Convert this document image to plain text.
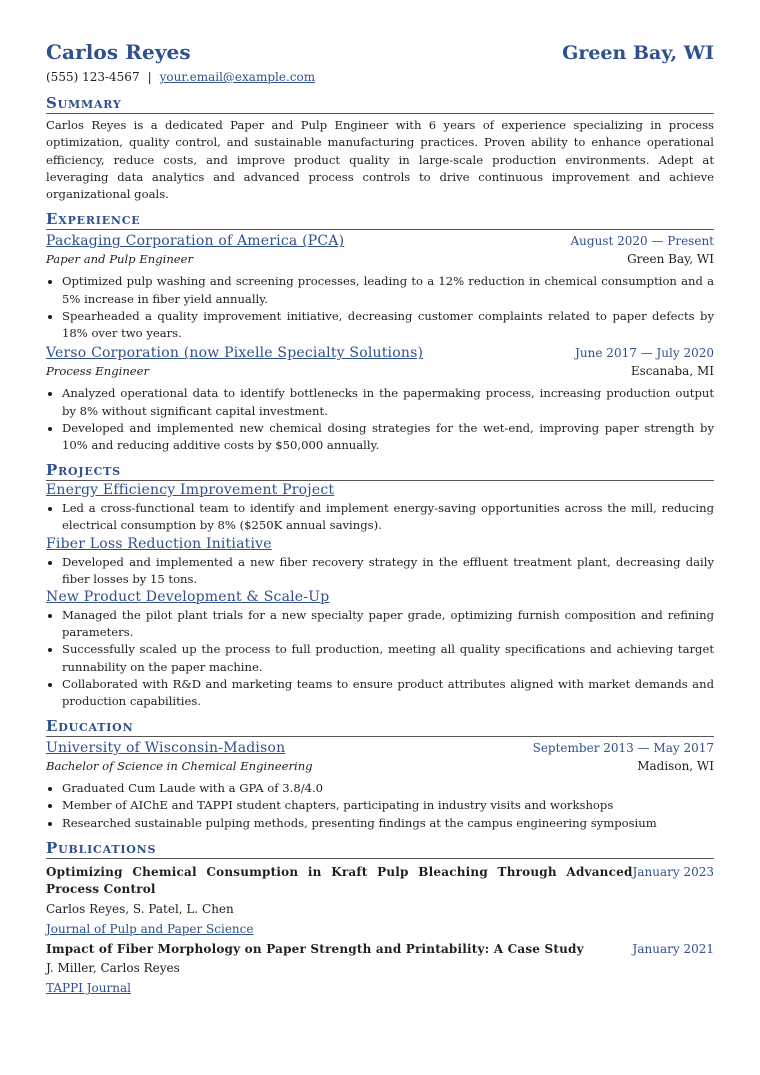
Carlos Reyes	Green Bay, WI
(555) 123-4567 | your.email@example.com
Summary
Carlos Reyes is a dedicated Paper and Pulp Engineer with 6 years of experience specializing in process optimization, quality control, and sustainable manufacturing practices. Proven ability to enhance operational efficiency, reduce costs, and improve product quality in large-scale production environments. Adept at leveraging data analytics and advanced process controls to drive continuous improvement and achieve organizational goals.
Experience
Packaging Corporation of America (PCA)	August 2020 — Present
Paper and Pulp Engineer	Green Bay, WI
• Optimized pulp washing and screening processes, leading to a 12% reduction in chemical consumption and a 5% increase in fiber yield annually.
• Spearheaded a quality improvement initiative, decreasing customer complaints related to paper defects by 18% over two years.
Verso Corporation (now Pixelle Specialty Solutions)	June 2017 — July 2020
Process Engineer	Escanaba, MI
• Analyzed operational data to identify bottlenecks in the papermaking process, increasing production output by 8% without significant capital investment.
• Developed and implemented new chemical dosing strategies for the wet-end, improving paper strength by 10% and reducing additive costs by $50,000 annually.
Projects
Energy Efficiency Improvement Project
• Led a cross-functional team to identify and implement energy-saving opportunities across the mill, reducing electrical consumption by 8% ($250K annual savings).
Fiber Loss Reduction Initiative
• Developed and implemented a new fiber recovery strategy in the effluent treatment plant, decreasing daily fiber losses by 15 tons.
New Product Development & Scale-Up
• Managed the pilot plant trials for a new specialty paper grade, optimizing furnish composition and refining parameters.
• Successfully scaled up the process to full production, meeting all quality specifications and achieving target runnability on the paper machine.
• Collaborated with R&D and marketing teams to ensure product attributes aligned with market demands and production capabilities.
Education
University of Wisconsin-Madison	September 2013 — May 2017
Bachelor of Science in Chemical Engineering	Madison, WI
• Graduated Cum Laude with a GPA of 3.8/4.0
• Member of AIChE and TAPPI student chapters, participating in industry visits and workshops
• Researched sustainable pulping methods, presenting findings at the campus engineering symposium
Publications
Optimizing Chemical Consumption in Kraft Pulp Bleaching Through Advanced Process Control
January 2023
Carlos Reyes, S. Patel, L. Chen
Journal of Pulp and Paper Science
Impact of Fiber Morphology on Paper Strength and Printability: A Case Study	January 2021
J. Miller, Carlos Reyes
TAPPI Journal
